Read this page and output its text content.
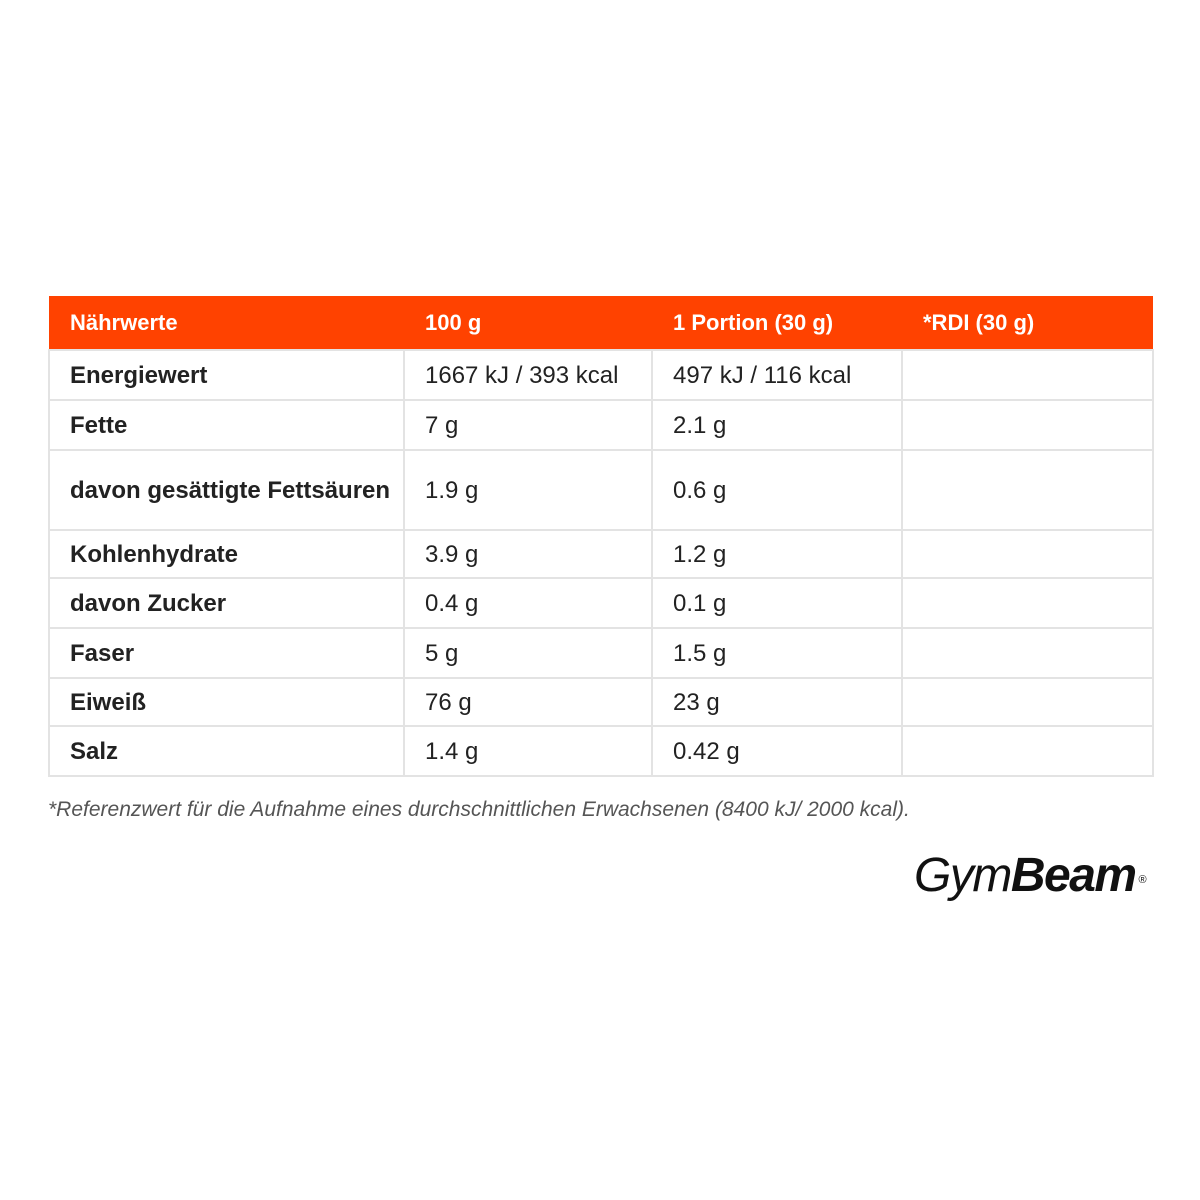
Nährwerte	100 g	1 Portion (30 g)	*RDI (30 g)
Energiewert	1667 kJ / 393 kcal	497 kJ / 116 kcal	
Fette	7 g	2.1 g	
davon gesättigte Fettsäuren	1.9 g	0.6 g	
Kohlenhydrate	3.9 g	1.2 g	
davon Zucker	0.4 g	0.1 g	
Faser	5 g	1.5 g	
Eiweiß	76 g	23 g	
Salz	1.4 g	0.42 g	
*Referenzwert für die Aufnahme eines durchschnittlichen Erwachsenen (8400 kJ/ 2000 kcal).
GymBeam ®
